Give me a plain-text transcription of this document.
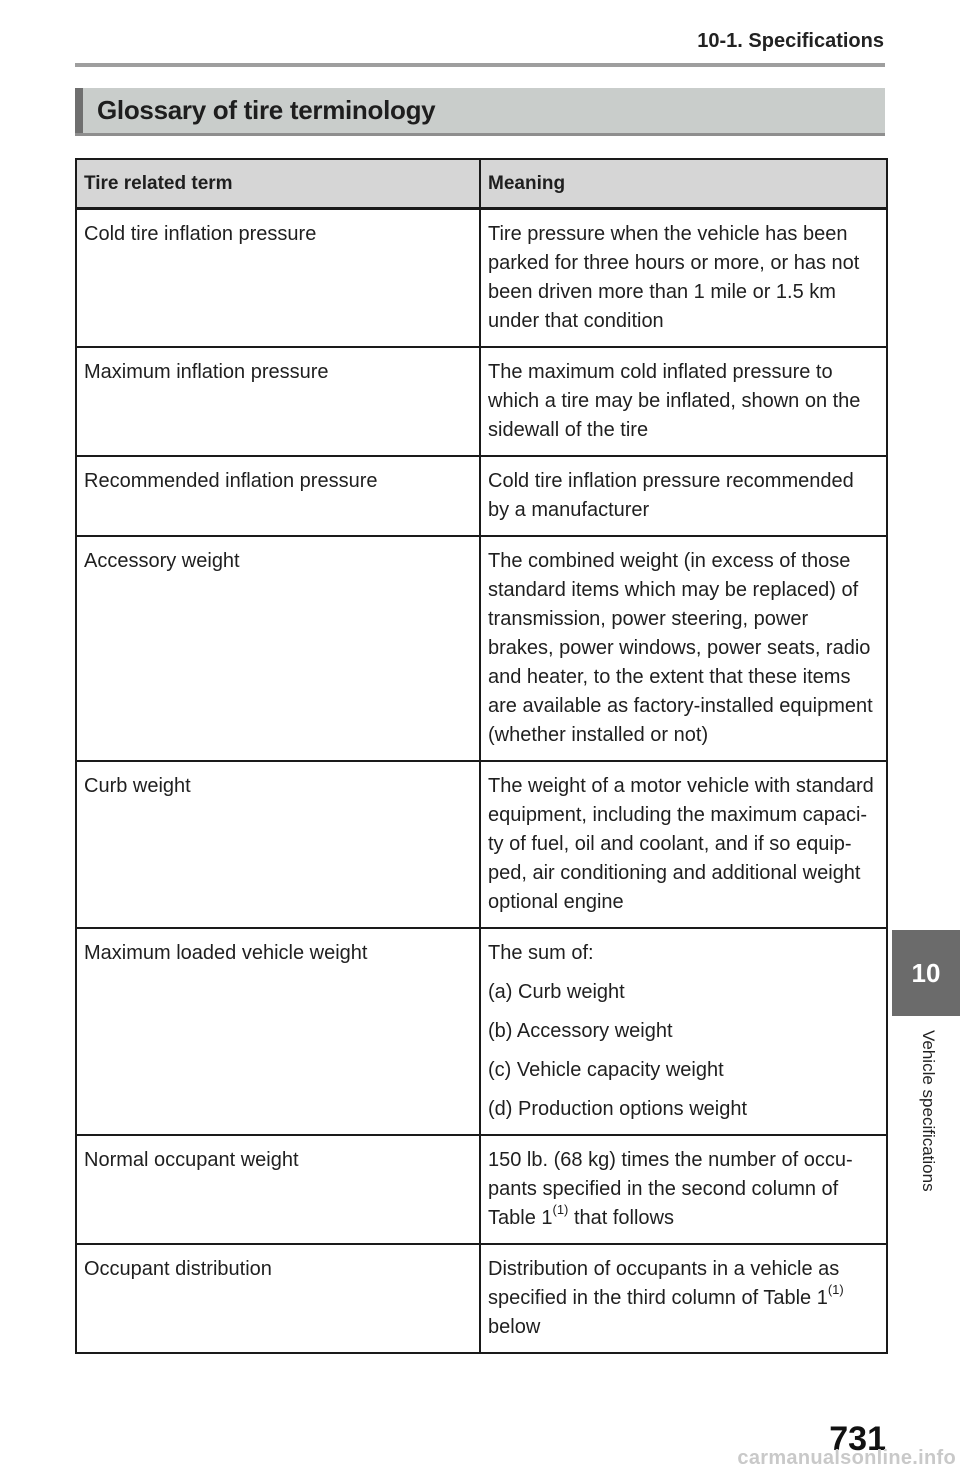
10-1. Specifications
Glossary of tire terminology
Tire related term	Meaning
Cold tire inflation pressure	Tire pressure when the vehicle has been parked for three hours or more, or has not been driven more than 1 mile or 1.5 km under that condition
Maximum inflation pressure	The maximum cold inflated pressure to which a tire may be inflated, shown on the sidewall of the tire
Recommended inflation pressure	Cold tire inflation pressure recommended by a manufacturer
Accessory weight	The combined weight (in excess of those standard items which may be replaced) of transmission, power steering, power brakes, power windows, power seats, radio and heater, to the extent that these items are available as factory-installed equipment (whether installed or not)
Curb weight	The weight of a motor vehicle with standard equipment, including the maximum capaci-ty of fuel, oil and coolant, and if so equip-ped, air conditioning and additional weight optional engine
Maximum loaded vehicle weight	The sum of:
(a) Curb weight
(b) Accessory weight
(c) Vehicle capacity weight
(d) Production options weight

Normal occupant weight	150 lb. (68 kg) times the number of occu-pants specified in the second column of Table 1$^{(1)}$ that follows
Occupant distribution	Distribution of occupants in a vehicle as specified in the third column of Table 1$^{(1)}$ below
10
Vehicle specifications
731
carmanualsonline.info
